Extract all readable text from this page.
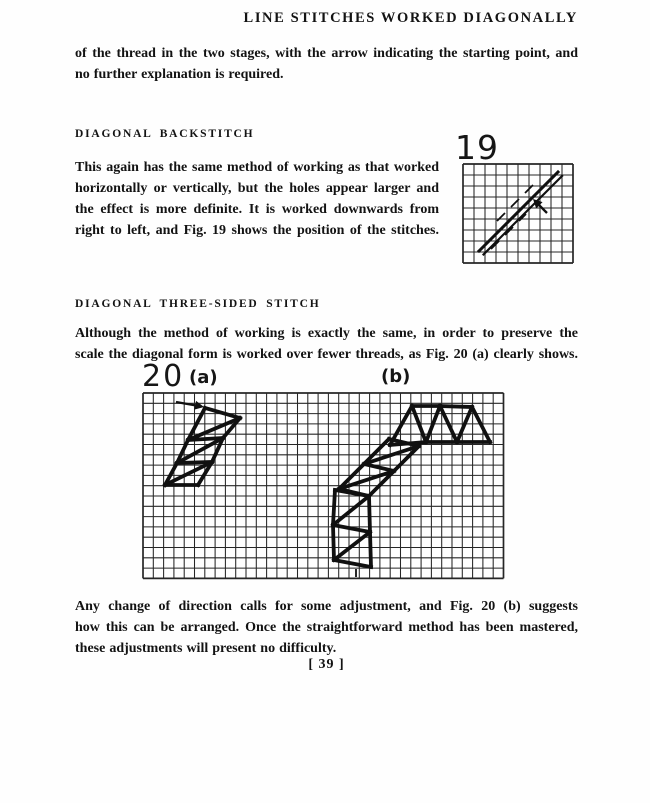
LINE STITCHES WORKED DIAGONALLY
of the thread in the two stages, with the arrow indicating the starting point, and
no further explanation is required.
DIAGONAL BACKSTITCH
This again has the same method of working as that worked
horizontally or vertically, but the holes appear larger and
the effect is more definite. It is worked downwards from
right to left, and Fig. 19 shows the position of the stitches.
19
DIAGONAL THREE-SIDED STITCH
Although the method of working is exactly the same, in order to preserve the
scale the diagonal form is worked over fewer threads, as Fig. 20 (a) clearly shows.
20 (a)	(b)
Any change of direction calls for some adjustment, and Fig. 20 (b) suggests
how this can be arranged. Once the straightforward method has been mastered,
these adjustments will present no difficulty.
[ 39 ]
